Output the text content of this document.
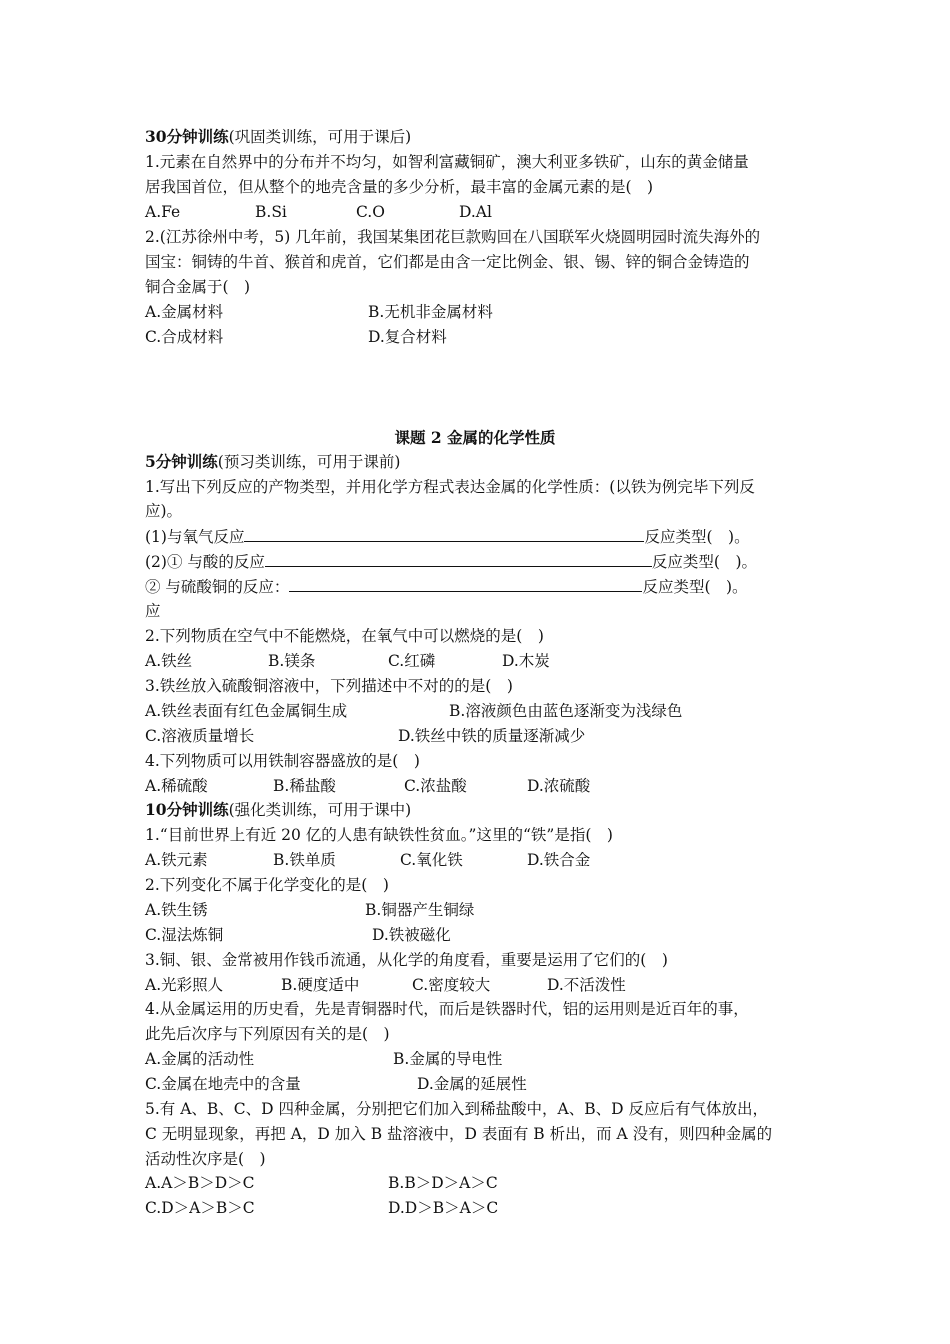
30分钟训练(巩固类训练，可用于课后)
1.元素在自然界中的分布并不均匀，如智利富藏铜矿，澳大利亚多铁矿，山东的黄金储量
居我国首位，但从整个的地壳含量的多少分析，最丰富的金属元素的是(　)
A.Fe	B.Si	C.O	D.Al
2.(江苏徐州中考，5) 几年前，我国某集团花巨款购回在八国联军火烧圆明园时流失海外的
国宝：铜铸的牛首、猴首和虎首，它们都是由含一定比例金、银、锡、锌的铜合金铸造的
铜合金属于(　)
A.金属材料	B.无机非金属材料
C.合成材料	D.复合材料
课题 2 金属的化学性质
5分钟训练(预习类训练，可用于课前)
1.写出下列反应的产物类型，并用化学方程式表达金属的化学性质：(以铁为例完毕下列反
应)。
(1)与氧气反应	反应类型(　)。
(2)① 与酸的反应	反应类型(　)。
② 与硫酸铜的反应：	反应类型(　)。
应
2.下列物质在空气中不能燃烧，在氧气中可以燃烧的是(　)
A.铁丝	B.镁条	C.红磷	D.木炭
3.铁丝放入硫酸铜溶液中，下列描述中不对的的是(　)
A.铁丝表面有红色金属铜生成	B.溶液颜色由蓝色逐渐变为浅绿色
C.溶液质量增长	D.铁丝中铁的质量逐渐减少
4.下列物质可以用铁制容器盛放的是(　)
A.稀硫酸	B.稀盐酸	C.浓盐酸	D.浓硫酸
10分钟训练(强化类训练，可用于课中)
1.“目前世界上有近 20 亿的人患有缺铁性贫血。”这里的“铁”是指(　)
A.铁元素	B.铁单质	C.氧化铁	D.铁合金
2.下列变化不属于化学变化的是(　)
A.铁生锈	B.铜器产生铜绿
C.湿法炼铜	D.铁被磁化
3.铜、银、金常被用作钱币流通，从化学的角度看，重要是运用了它们的(　)
A.光彩照人	B.硬度适中	C.密度较大	D.不活泼性
4.从金属运用的历史看，先是青铜器时代，而后是铁器时代，铝的运用则是近百年的事，
此先后次序与下列原因有关的是(　)
A.金属的活动性	B.金属的导电性
C.金属在地壳中的含量	D.金属的延展性
5.有 A、B、C、D 四种金属，分别把它们加入到稀盐酸中，A、B、D 反应后有气体放出，
C 无明显现象，再把 A，D 加入 B 盐溶液中，D 表面有 B 析出，而 A 没有，则四种金属的
活动性次序是(　)
A.A＞B＞D＞C	B.B＞D＞A＞C
C.D＞A＞B＞C	D.D＞B＞A＞C
